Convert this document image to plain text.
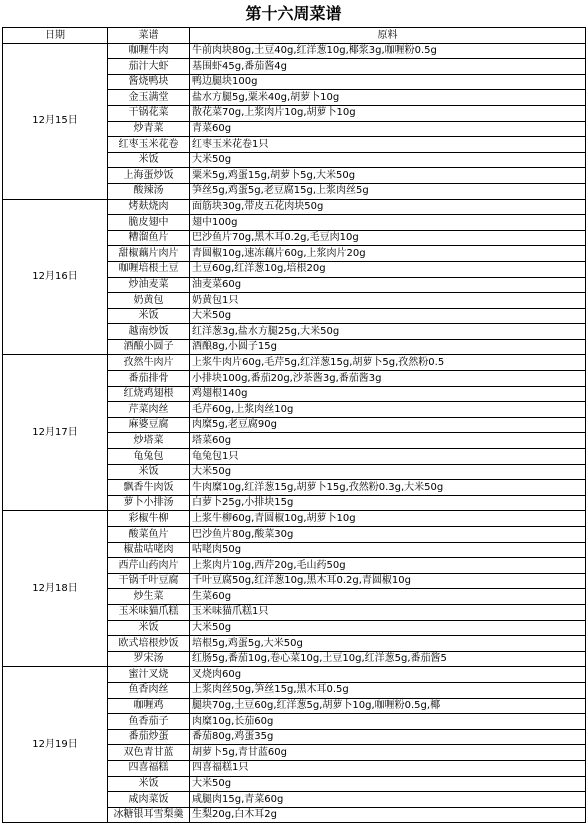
第十六周菜谱
日期	菜谱	原料
12月15日	咖喱牛肉	牛前肉块80g,土豆40g,红洋葱10g,椰浆3g,咖喱粉0.5g
	茄汁大虾	基围虾45g,番茄酱4g
	酱烧鸭块	鸭边腿块100g
	金玉满堂	盐水方腿5g,粟米40g,胡萝卜10g
	干锅花菜	散花菜70g,上浆肉片10g,胡萝卜10g
	炒青菜	青菜60g
	红枣玉米花卷	红枣玉米花卷1只
	米饭	大米50g
	上海蛋炒饭	粟米5g,鸡蛋15g,胡萝卜5g,大米50g
	酸辣汤	笋丝5g,鸡蛋5g,老豆腐15g,上浆肉丝5g
12月16日	烤麸烧肉	面筋块30g,带皮五花肉块50g
	脆皮翅中	翅中100g
	糟溜鱼片	巴沙鱼片70g,黑木耳0.2g,毛豆肉10g
	甜椒藕片肉片	青圆椒10g,速冻藕片60g,上浆肉片20g
	咖喱培根土豆	土豆60g,红洋葱10g,培根20g
	炒油麦菜	油麦菜60g
	奶黄包	奶黄包1只
	米饭	大米50g
	越南炒饭	红洋葱3g,盐水方腿25g,大米50g
	酒酿小圆子	酒酿8g,小圆子15g
12月17日	孜然牛肉片	上浆牛肉片60g,毛芹5g,红洋葱15g,胡萝卜5g,孜然粉0.5
	番茄排骨	小排块100g,番茄20g,沙茶酱3g,番茄酱3g
	红烧鸡翅根	鸡翅根140g
	芹菜肉丝	毛芹60g,上浆肉丝10g
	麻婆豆腐	肉糜5g,老豆腐90g
	炒塔菜	塔菜60g
	龟兔包	龟兔包1只
	米饭	大米50g
	飘香牛肉饭	牛肉糜10g,红洋葱15g,胡萝卜15g,孜然粉0.3g,大米50g
	萝卜小排汤	白萝卜25g,小排块15g
12月18日	彩椒牛柳	上浆牛柳60g,青圆椒10g,胡萝卜10g
	酸菜鱼片	巴沙鱼片80g,酸菜30g
	椒盐咕咾肉	咕咾肉50g
	西芹山药肉片	上浆肉片10g,西芹20g,毛山药50g
	干锅千叶豆腐	千叶豆腐50g,红洋葱10g,黑木耳0.2g,青圆椒10g
	炒生菜	生菜60g
	玉米味猫爪糕	玉米味猫爪糕1只
	米饭	大米50g
	欧式培根炒饭	培根5g,鸡蛋5g,大米50g
	罗宋汤	红肠5g,番茄10g,卷心菜10g,土豆10g,红洋葱5g,番茄酱5
12月19日	蜜汁叉烧	叉烧肉60g
	鱼香肉丝	上浆肉丝50g,笋丝15g,黑木耳0.5g
	咖喱鸡	腿块70g,土豆60g,红洋葱5g,胡萝卜10g,咖喱粉0.5g,椰
	鱼香茄子	肉糜10g,长茄60g
	番茄炒蛋	番茄80g,鸡蛋35g
	双色青甘蓝	胡萝卜5g,青甘蓝60g
	四喜福糕	四喜福糕1只
	米饭	大米50g
	咸肉菜饭	咸腿肉15g,青菜60g
	冰糖银耳雪梨羹	生梨20g,白木耳2g
